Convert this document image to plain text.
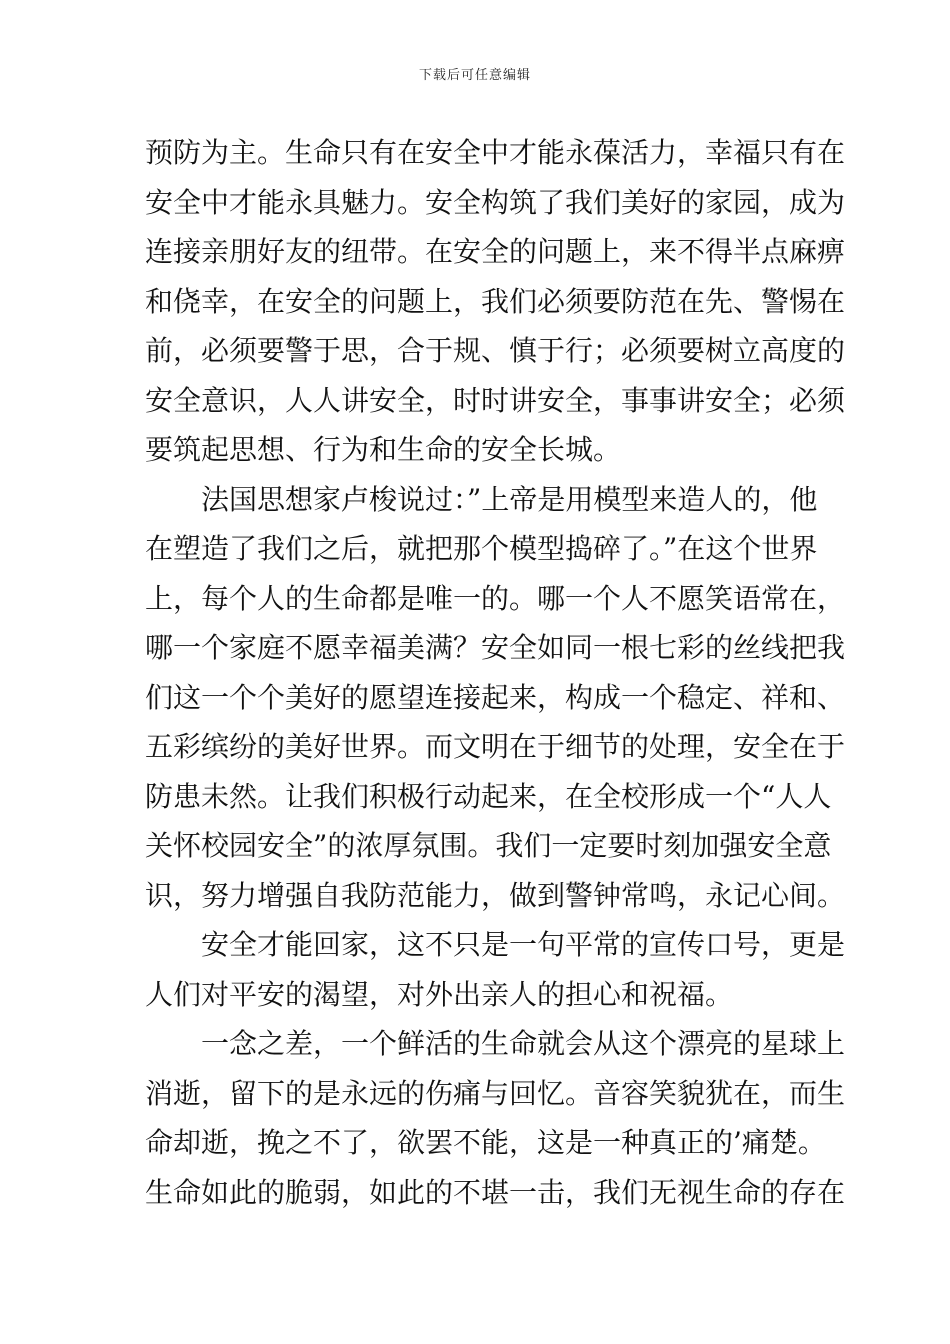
下载后可任意编辑
预防为主。生命只有在安全中才能永葆活力，幸福只有在
安全中才能永具魅力。安全构筑了我们美好的家园，成为
连接亲朋好友的纽带。在安全的问题上，来不得半点麻痹
和侥幸，在安全的问题上，我们必须要防范在先、警惕在
前，必须要警于思，合于规、慎于行；必须要树立高度的
安全意识，人人讲安全，时时讲安全，事事讲安全；必须
要筑起思想、行为和生命的安全长城。
法国思想家卢梭说过：”上帝是用模型来造人的，他
在塑造了我们之后，就把那个模型捣碎了。”在这个世界
上，每个人的生命都是唯一的。哪一个人不愿笑语常在，
哪一个家庭不愿幸福美满？安全如同一根七彩的丝线把我
们这一个个美好的愿望连接起来，构成一个稳定、祥和、
五彩缤纷的美好世界。而文明在于细节的处理，安全在于
防患未然。让我们积极行动起来，在全校形成一个“人人
关怀校园安全”的浓厚氛围。我们一定要时刻加强安全意
识，努力增强自我防范能力，做到警钟常鸣，永记心间。
安全才能回家，这不只是一句平常的宣传口号，更是
人们对平安的渴望，对外出亲人的担心和祝福。
一念之差，一个鲜活的生命就会从这个漂亮的星球上
消逝，留下的是永远的伤痛与回忆。音容笑貌犹在，而生
命却逝，挽之不了，欲罢不能，这是一种真正的’痛楚。
生命如此的脆弱，如此的不堪一击，我们无视生命的存在
